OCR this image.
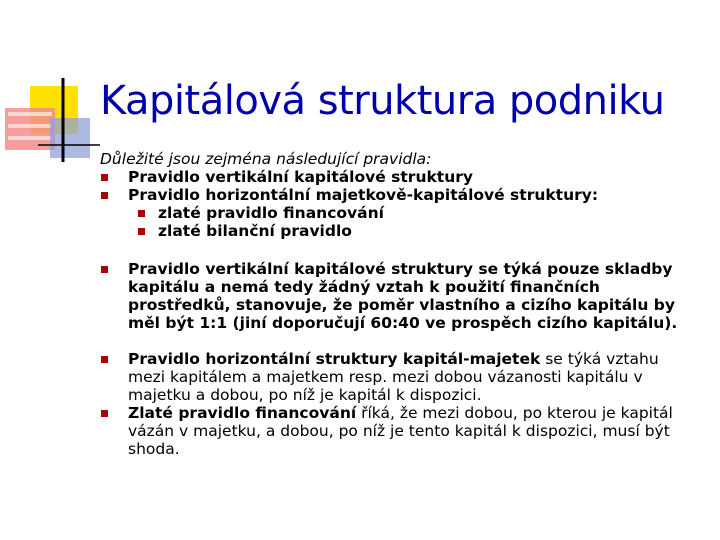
Kapitálová struktura podniku

Důležité jsou zejména následující pravidla:

Pravidlo vertikální kapitálové struktury
Pravidlo horizontální majetkově-kapitálové struktury:
zlaté pravidlo financování
zlaté bilanční pravidlo
Pravidlo vertikální kapitálové struktury se týká pouze skladby kapitálu a nemá tedy žádný vztah k použití finančních prostředků, stanovuje, že poměr vlastního a cizího kapitálu by měl být 1:1 (jiní doporučují 60:40 ve prospěch cizího kapitálu).
Pravidlo horizontální struktury kapitál-majetek se týká vztahu mezi kapitálem a majetkem resp. mezi dobou vázanosti kapitálu v majetku a dobou, po níž je kapitál k dispozici.
Zlaté pravidlo financování říká, že mezi dobou, po kterou je kapitál vázán v majetku, a dobou, po níž je tento kapitál k dispozici, musí být shoda.
